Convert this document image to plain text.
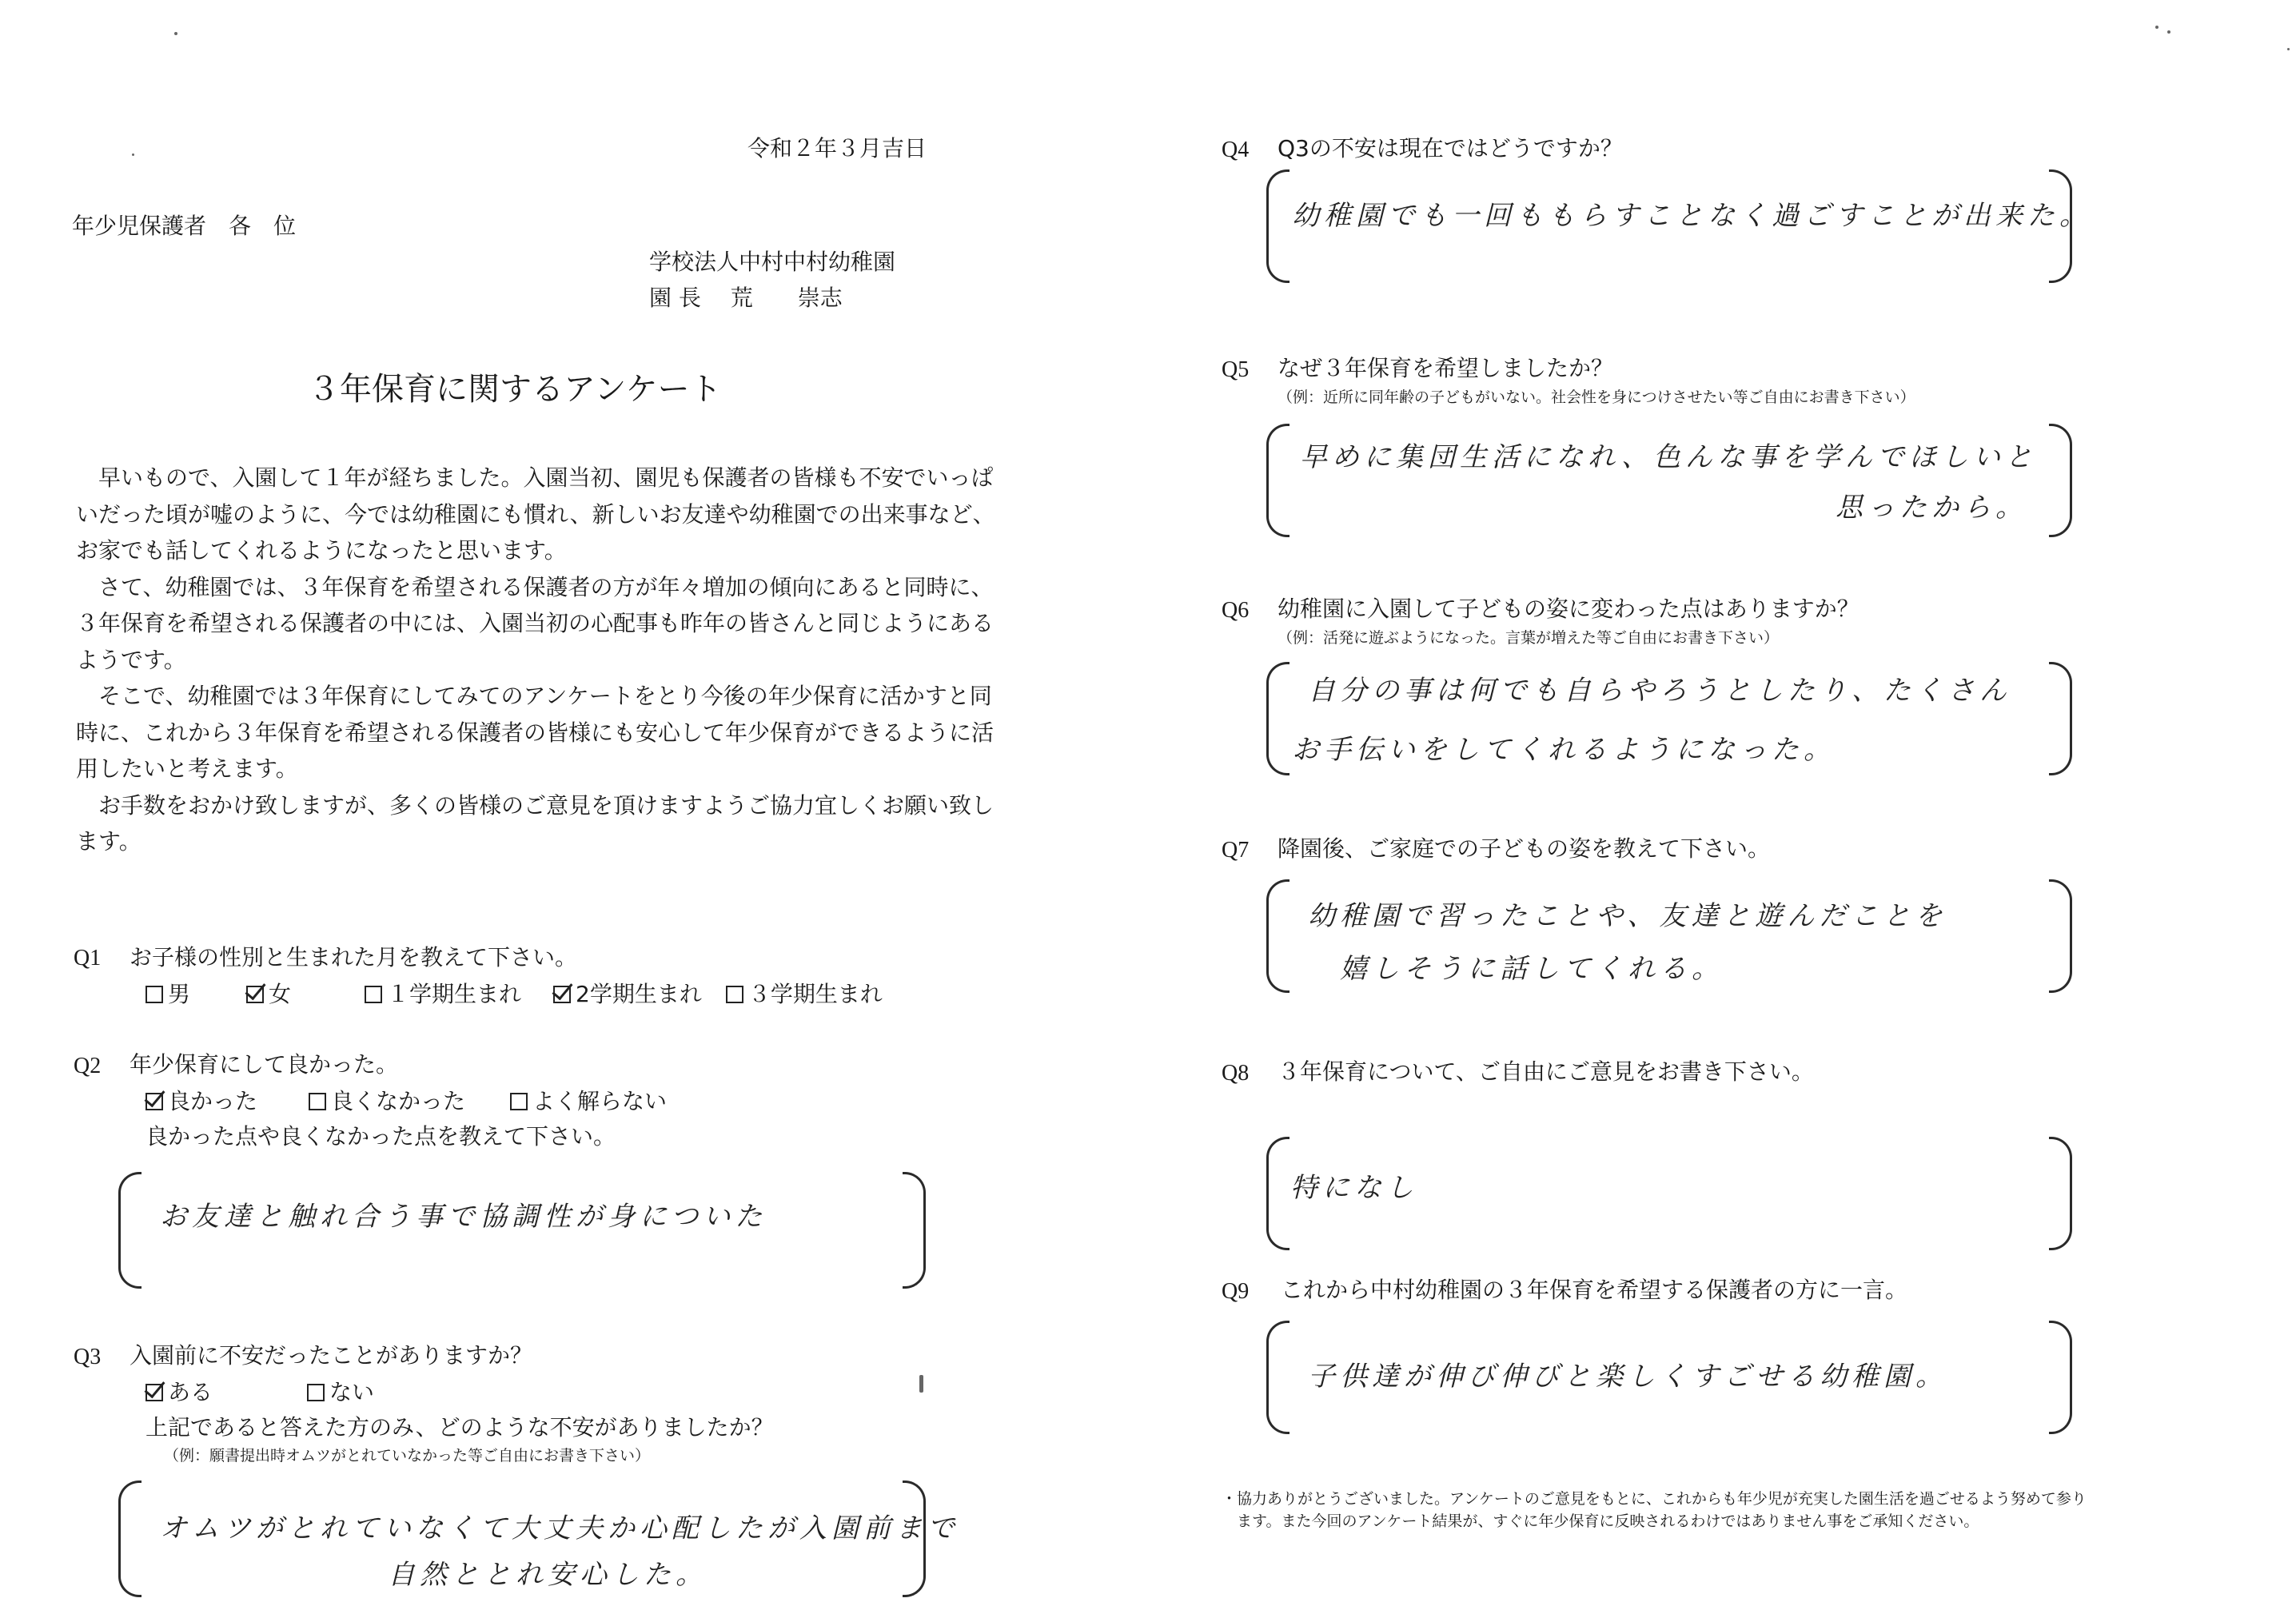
令和２年３月吉日
年少児保護者　各　位
学校法人中村中村幼稚園
園 長　 荒　　崇志
３年保育に関するアンケート

　早いもので、入園して１年が経ちました。入園当初、園児も保護者の皆様も不安でいっぱ
いだった頃が嘘のように、今では幼稚園にも慣れ、新しいお友達や幼稚園での出来事など、
お家でも話してくれるようになったと思います。
　さて、幼稚園では、３年保育を希望される保護者の方が年々増加の傾向にあると同時に、
３年保育を希望される保護者の中には、入園当初の心配事も昨年の皆さんと同じようにある
ようです。
　そこで、幼稚園では３年保育にしてみてのアンケートをとり今後の年少保育に活かすと同
時に、これから３年保育を希望される保護者の皆様にも安心して年少保育ができるように活
用したいと考えます。
　お手数をおかけ致しますが、多くの皆様のご意見を頂けますようご協力宜しくお願い致し
ます。

Q1 お子様の性別と生まれた月を教えて下さい。
男	女	１学期生まれ 2学期生まれ ３学期生まれ
Q2 年少保育にして良かった。
良かった	良くなかった	よく解らない
良かった点や良くなかった点を教えて下さい。
お友達と触れ合う事で協調性が身についた
Q3 入園前に不安だったことがありますか？
ある	ない
上記であると答えた方のみ、どのような不安がありましたか？
（例：願書提出時オムツがとれていなかった等ご自由にお書き下さい）
オムツがとれていなくて大丈夫か心配したが入園前まで
自然ととれ安心した。
Q4 Q3の不安は現在ではどうですか？
幼稚園でも一回ももらすことなく過ごすことが出来た。
Q5 なぜ３年保育を希望しましたか？
（例：近所に同年齢の子どもがいない。社会性を身につけさせたい等ご自由にお書き下さい）
早めに集団生活になれ、色んな事を学んでほしいと
思ったから。
Q6 幼稚園に入園して子どもの姿に変わった点はありますか？
（例：活発に遊ぶようになった。言葉が増えた等ご自由にお書き下さい）
自分の事は何でも自らやろうとしたり、たくさん
お手伝いをしてくれるようになった。
Q7 降園後、ご家庭での子どもの姿を教えて下さい。
幼稚園で習ったことや、友達と遊んだことを
嬉しそうに話してくれる。
Q8 ３年保育について、ご自由にご意見をお書き下さい。
特になし
Q9 これから中村幼稚園の３年保育を希望する保護者の方に一言。
子供達が伸び伸びと楽しくすごせる幼稚園。
・協力ありがとうございました。アンケートのご意見をもとに、これからも年少児が充実した園生活を過ごせるよう努めて参り
　ます。また今回のアンケート結果が、すぐに年少保育に反映されるわけではありません事をご承知ください。
